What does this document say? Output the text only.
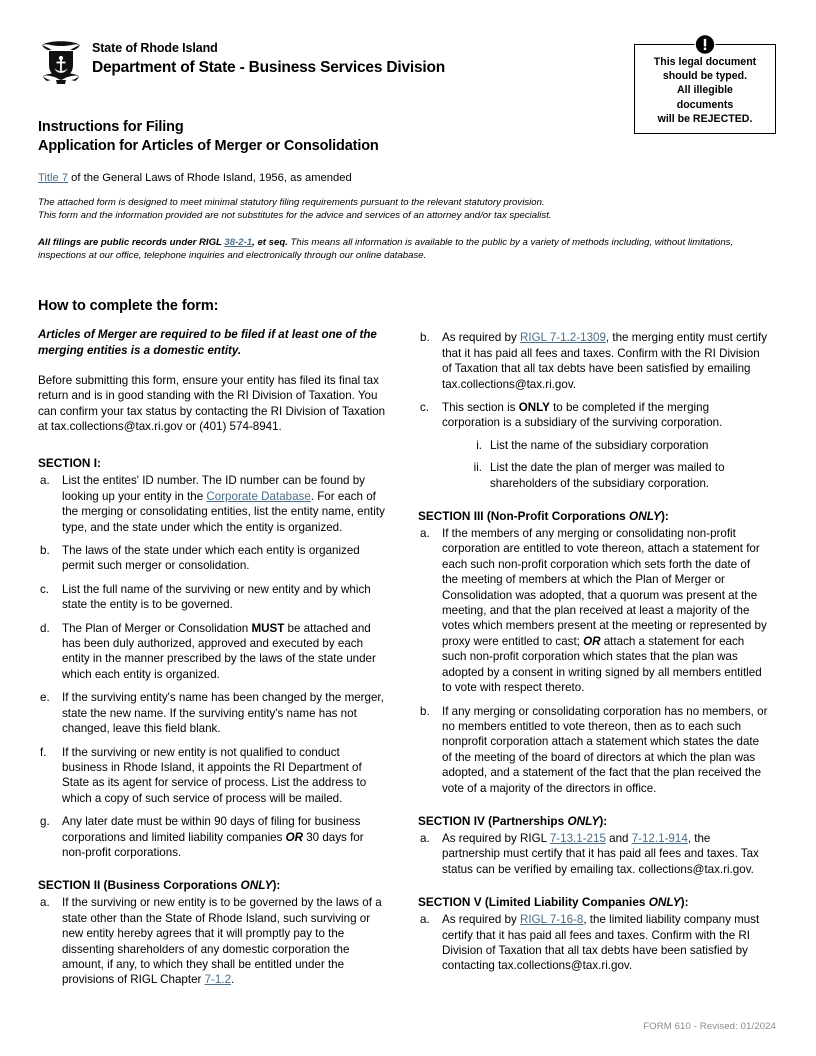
State of Rhode Island
Department of State - Business Services Division	This legal document
should be typed.
All illegible
documents
will be REJECTED.
Instructions for Filing
Application for Articles of Merger or Consolidation
Title 7 of the General Laws of Rhode Island, 1956, as amended
The attached form is designed to meet minimal statutory filing requirements pursuant to the relevant statutory provision.
This form and the information provided are not substitutes for the advice and services of an attorney and/or tax specialist.
All filings are public records under RIGL 38-2-1, et seq. This means all information is available to the public by a variety of methods including, without limitations, inspections at our office, telephone inquiries and electronically through our online database.
How to complete the form:
Articles of Merger are required to be filed if at least one of the merging entities is a domestic entity.
Before submitting this form, ensure your entity has filed its final tax return and is in good standing with the RI Division of Taxation. You can confirm your tax status by contacting the RI Division of Taxation at tax.collections@tax.ri.gov or (401) 574-8941.
SECTION I:
a.	List the entites' ID number. The ID number can be found by looking up your entity in the Corporate Database. For each of the merging or consolidating entities, list the entity name, entity type, and the state under which the entity is organized.
b.	The laws of the state under which each entity is organized permit such merger or consolidation.
c.	List the full name of the surviving or new entity and by which state the entity is to be governed.
d.	The Plan of Merger or Consolidation MUST be attached and has been duly authorized, approved and executed by each entity in the manner prescribed by the laws of the state under which each entity is organized.
e.	If the surviving entity's name has been changed by the merger, state the new name. If the surviving entity's name has not changed, leave this field blank.
f.	If the surviving or new entity is not qualified to conduct business in Rhode Island, it appoints the RI Department of State as its agent for service of process. List the address to which a copy of such service of process will be mailed.
g.	Any later date must be within 90 days of filing for business corporations and limited liability companies OR 30 days for non-profit corporations.
SECTION II (Business Corporations ONLY):
a.	If the surviving or new entity is to be governed by the laws of a state other than the State of Rhode Island, such surviving or new entity hereby agrees that it will promptly pay to the dissenting shareholders of any domestic corporation the amount, if any, to which they shall be entitled under the provisions of RIGL Chapter 7-1.2.
b.	As required by RIGL 7-1.2-1309, the merging entity must certify that it has paid all fees and taxes. Confirm with the RI Division of Taxation that all tax debts have been satisfied by emailing tax.collections@tax.ri.gov.
c.	This section is ONLY to be completed if the merging corporation is a subsidiary of the surviving corporation.
i. List the name of the subsidiary corporation
ii. List the date the plan of merger was mailed to shareholders of the subsidiary corporation.
SECTION III (Non-Profit Corporations ONLY):
a.	If the members of any merging or consolidating non-profit corporation are entitled to vote thereon, attach a statement for each such non-profit corporation which sets forth the date of the meeting of members at which the Plan of Merger or Consolidation was adopted, that a quorum was present at the meeting, and that the plan received at least a majority of the votes which members present at the meeting or represented by proxy were entitled to cast; OR attach a statement for each such non-profit corporation which states that the plan was adopted by a consent in writing signed by all members entitled to vote with respect thereto.
b.	If any merging or consolidating corporation has no members, or no members entitled to vote thereon, then as to each such nonprofit corporation attach a statement which states the date of the meeting of the board of directors at which the plan was adopted, and a statement of the fact that the plan received the vote of a majority of the directors in office.
SECTION IV (Partnerships ONLY):
a.	As required by RIGL 7-13.1-215 and 7-12.1-914, the partnership must certify that it has paid all fees and taxes. Tax status can be verified by emailing tax. collections@tax.ri.gov.
SECTION V (Limited Liability Companies ONLY):
a.	As required by RIGL 7-16-8, the limited liability company must certify that it has paid all fees and taxes. Confirm with the RI Division of Taxation that all tax debts have been satisfied by contacting tax.collections@tax.ri.gov.
FORM 610 - Revised: 01/2024
